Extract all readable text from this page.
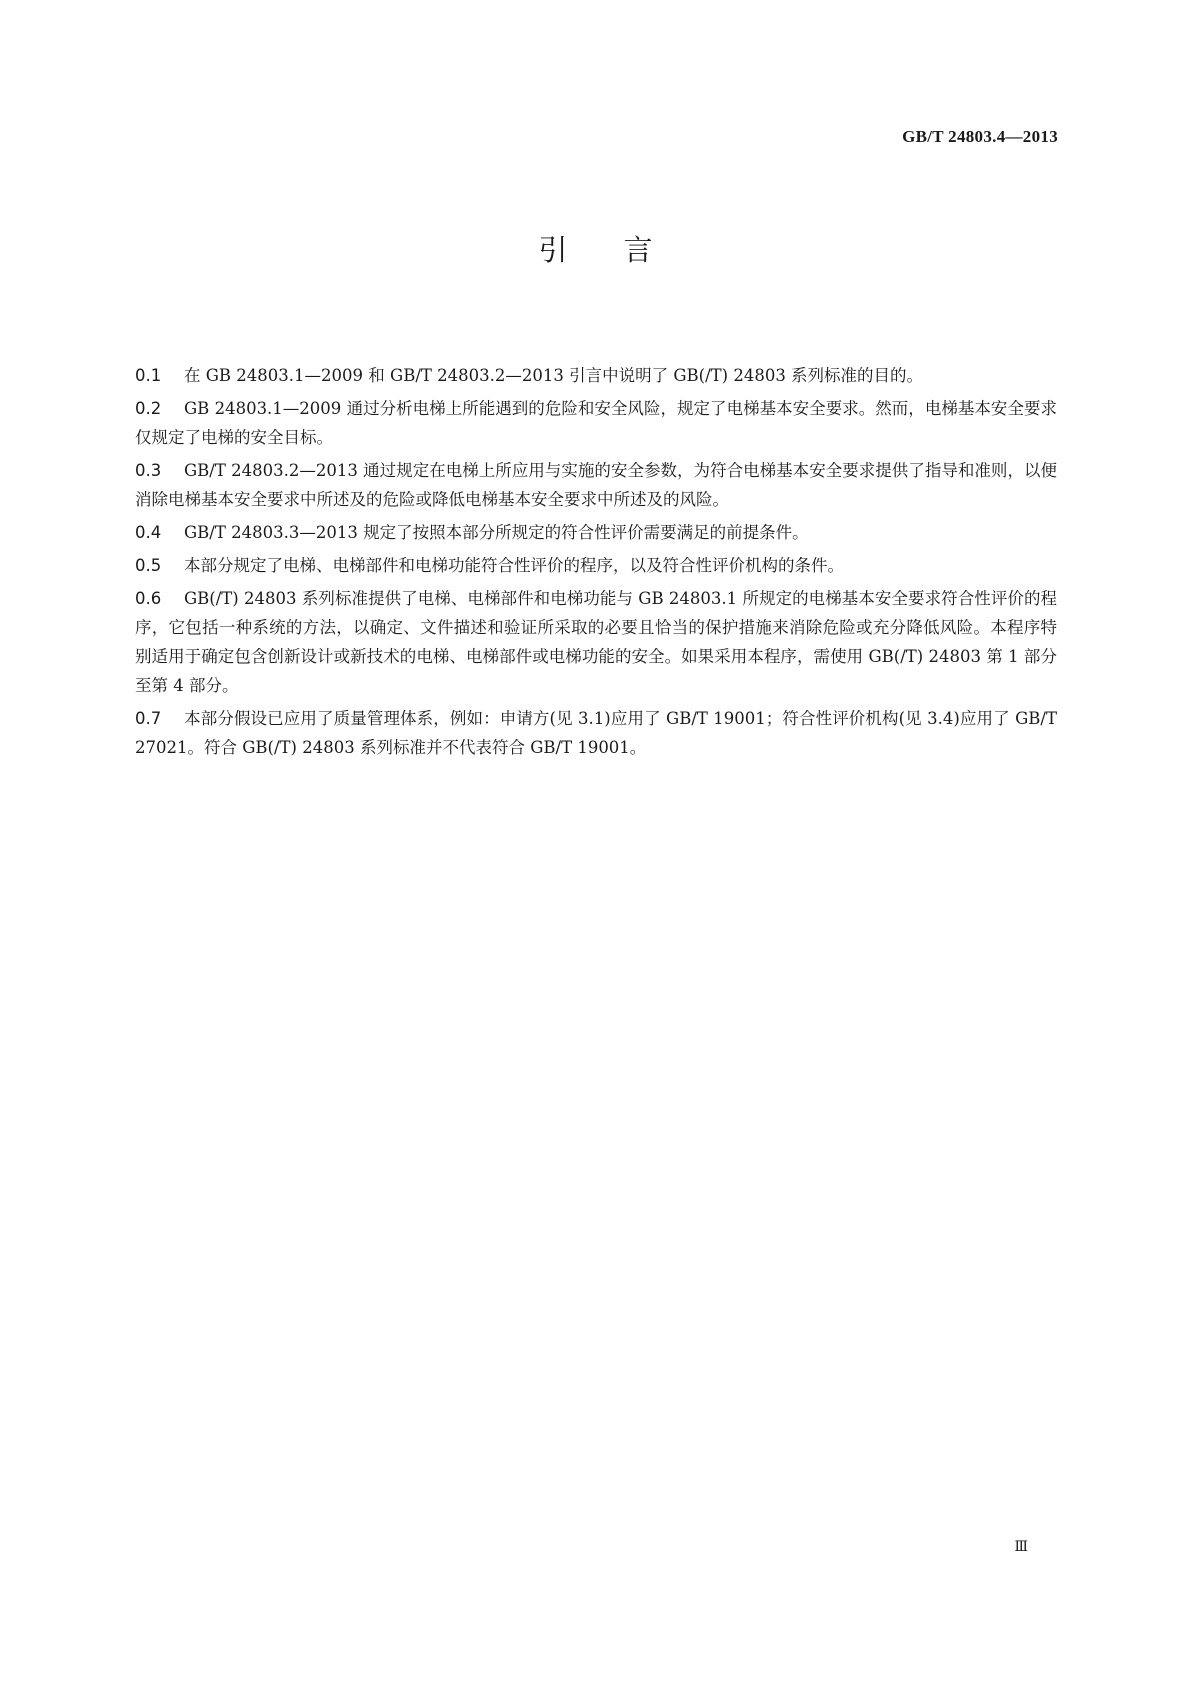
GB/T 24803.4—2013
引言

0.1 在 GB 24803.1—2009 和 GB/T 24803.2—2013 引言中说明了 GB(/T) 24803 系列标准的目的。

0.2 GB 24803.1—2009 通过分析电梯上所能遇到的危险和安全风险，规定了电梯基本安全要求。然而，电梯基本安全要求仅规定了电梯的安全目标。

0.3 GB/T 24803.2—2013 通过规定在电梯上所应用与实施的安全参数，为符合电梯基本安全要求提供了指导和准则，以便消除电梯基本安全要求中所述及的危险或降低电梯基本安全要求中所述及的风险。

0.4 GB/T 24803.3—2013 规定了按照本部分所规定的符合性评价需要满足的前提条件。

0.5 本部分规定了电梯、电梯部件和电梯功能符合性评价的程序，以及符合性评价机构的条件。

0.6 GB(/T) 24803 系列标准提供了电梯、电梯部件和电梯功能与 GB 24803.1 所规定的电梯基本安全要求符合性评价的程序，它包括一种系统的方法，以确定、文件描述和验证所采取的必要且恰当的保护措施来消除危险或充分降低风险。本程序特别适用于确定包含创新设计或新技术的电梯、电梯部件或电梯功能的安全。如果采用本程序，需使用 GB(/T) 24803 第 1 部分至第 4 部分。

0.7 本部分假设已应用了质量管理体系，例如：申请方(见 3.1)应用了 GB/T 19001；符合性评价机构(见 3.4)应用了 GB/T 27021。符合 GB(/T) 24803 系列标准并不代表符合 GB/T 19001。

Ⅲ
